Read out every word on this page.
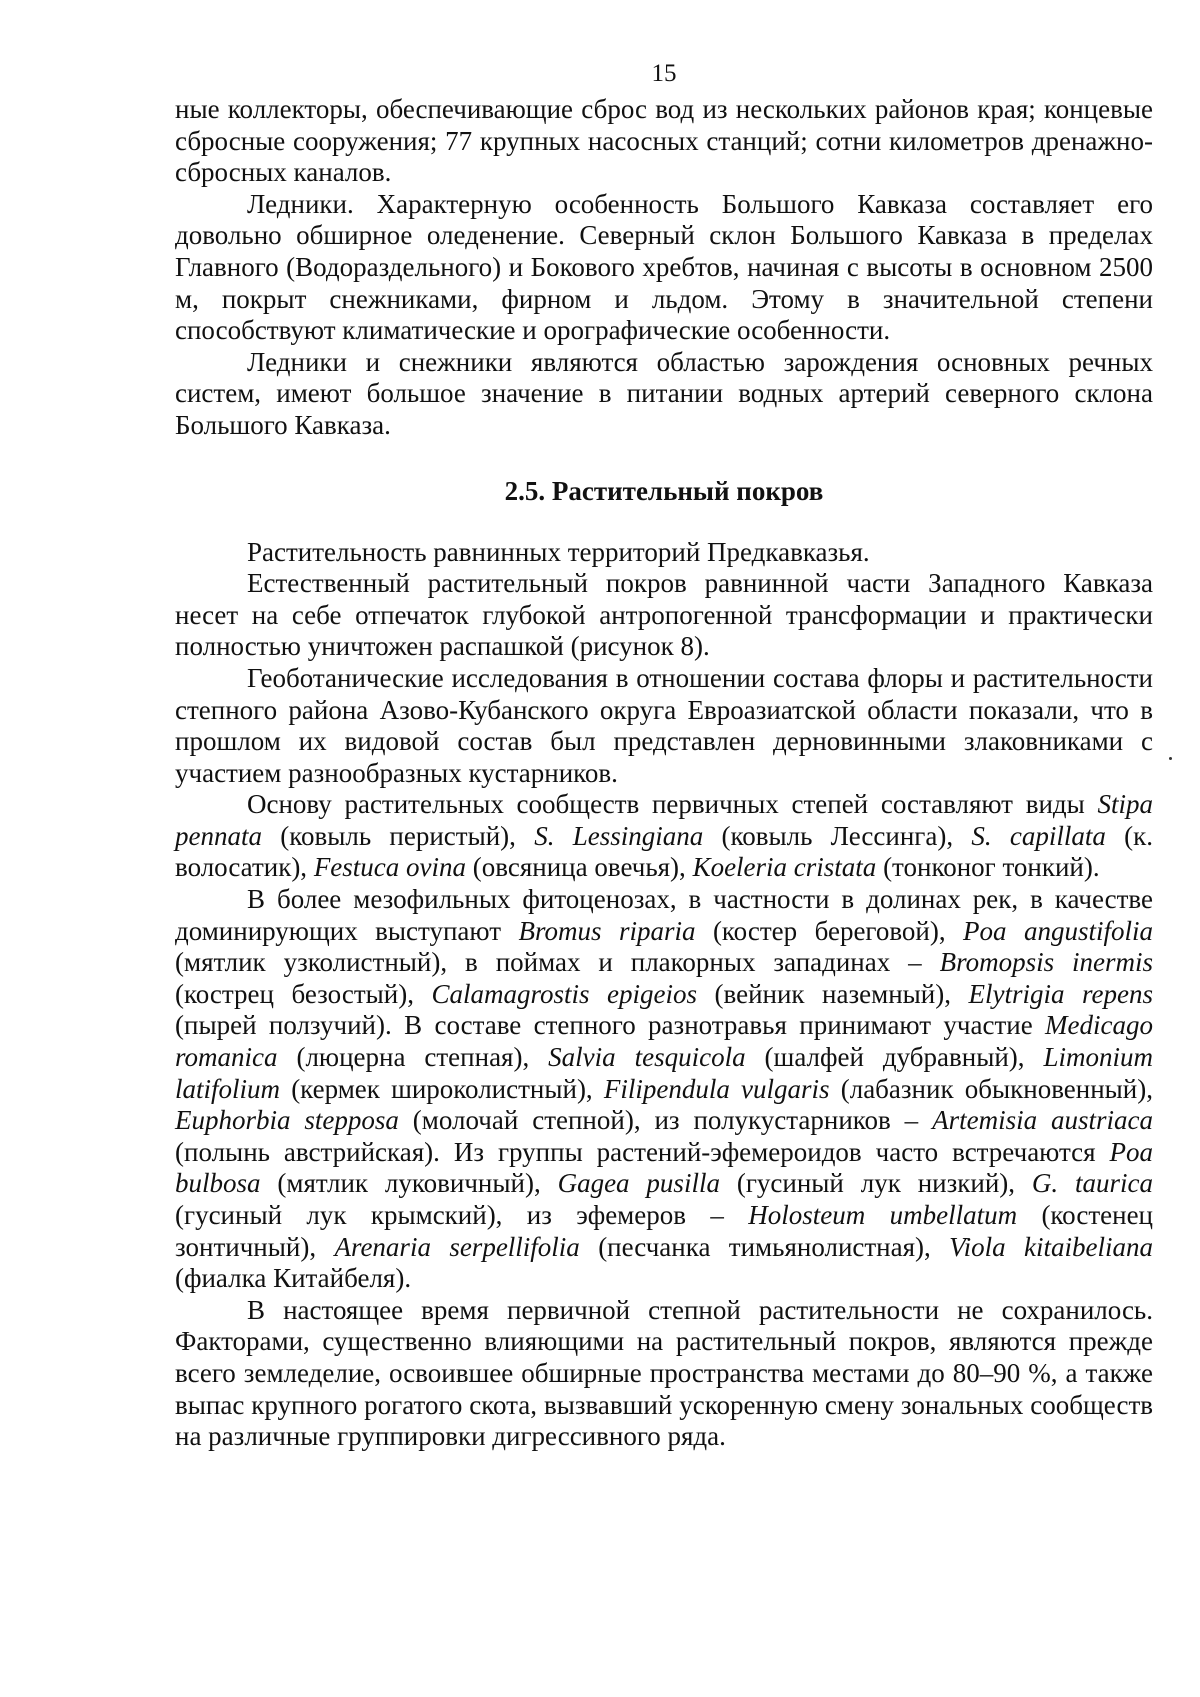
15

ные коллекторы, обеспечивающие сброс вод из нескольких районов края; концевые сбросные сооружения; 77 крупных насосных станций; сотни километров дренажно-сбросных каналов.

Ледники. Характерную особенность Большого Кавказа составляет его довольно обширное оледенение. Северный склон Большого Кавказа в пределах Главного (Водораздельного) и Бокового хребтов, начиная с высоты в основном 2500 м, покрыт снежниками, фирном и льдом. Этому в значительной степени способствуют климатические и орографические особенности.

Ледники и снежники являются областью зарождения основных речных систем, имеют большое значение в питании водных артерий северного склона Большого Кавказа.

2.5. Растительный покров

Растительность равнинных территорий Предкавказья.

Естественный растительный покров равнинной части Западного Кавказа несет на себе отпечаток глубокой антропогенной трансформации и практически полностью уничтожен распашкой (рисунок 8).

Геоботанические исследования в отношении состава флоры и растительности степного района Азово-Кубанского округа Евроазиатской области показали, что в прошлом их видовой состав был представлен дерновинными злаковниками с участием разнообразных кустарников.

Основу растительных сообществ первичных степей составляют виды Stipa pennata (ковыль перистый), S. Lessingiana (ковыль Лессинга), S. capillata (к. волосатик), Festuca ovina (овсяница овечья), Koeleria cristata (тонконог тонкий).

В более мезофильных фитоценозах, в частности в долинах рек, в качестве доминирующих выступают Bromus riparia (костер береговой), Poa angustifolia (мятлик узколистный), в поймах и плакорных западинах – Bromopsis inermis (кострец безостый), Calamagrostis epigeios (вейник наземный), Elytrigia repens (пырей ползучий). В составе степного разнотравья принимают участие Medicago romanica (люцерна степная), Salvia tesquicola (шалфей дубравный), Limonium latifolium (кермек широколистный), Filipendula vulgaris (лабазник обыкновенный), Euphorbia stepposa (молочай степной), из полукустарников – Artemisia austriaca (полынь австрийская). Из группы растений-эфемероидов часто встречаются Poa bulbosa (мятлик луковичный), Gagea pusilla (гусиный лук низкий), G. taurica (гусиный лук крымский), из эфемеров – Holosteum umbellatum (костенец зонтичный), Arenaria serpellifolia (песчанка тимьянолистная), Viola kitaibeliana (фиалка Китайбеля).

В настоящее время первичной степной растительности не сохранилось. Факторами, существенно влияющими на растительный покров, являются прежде всего земледелие, освоившее обширные пространства местами до 80–90 %, а также выпас крупного рогатого скота, вызвавший ускоренную смену зональных сообществ на различные группировки дигрессивного ряда.
